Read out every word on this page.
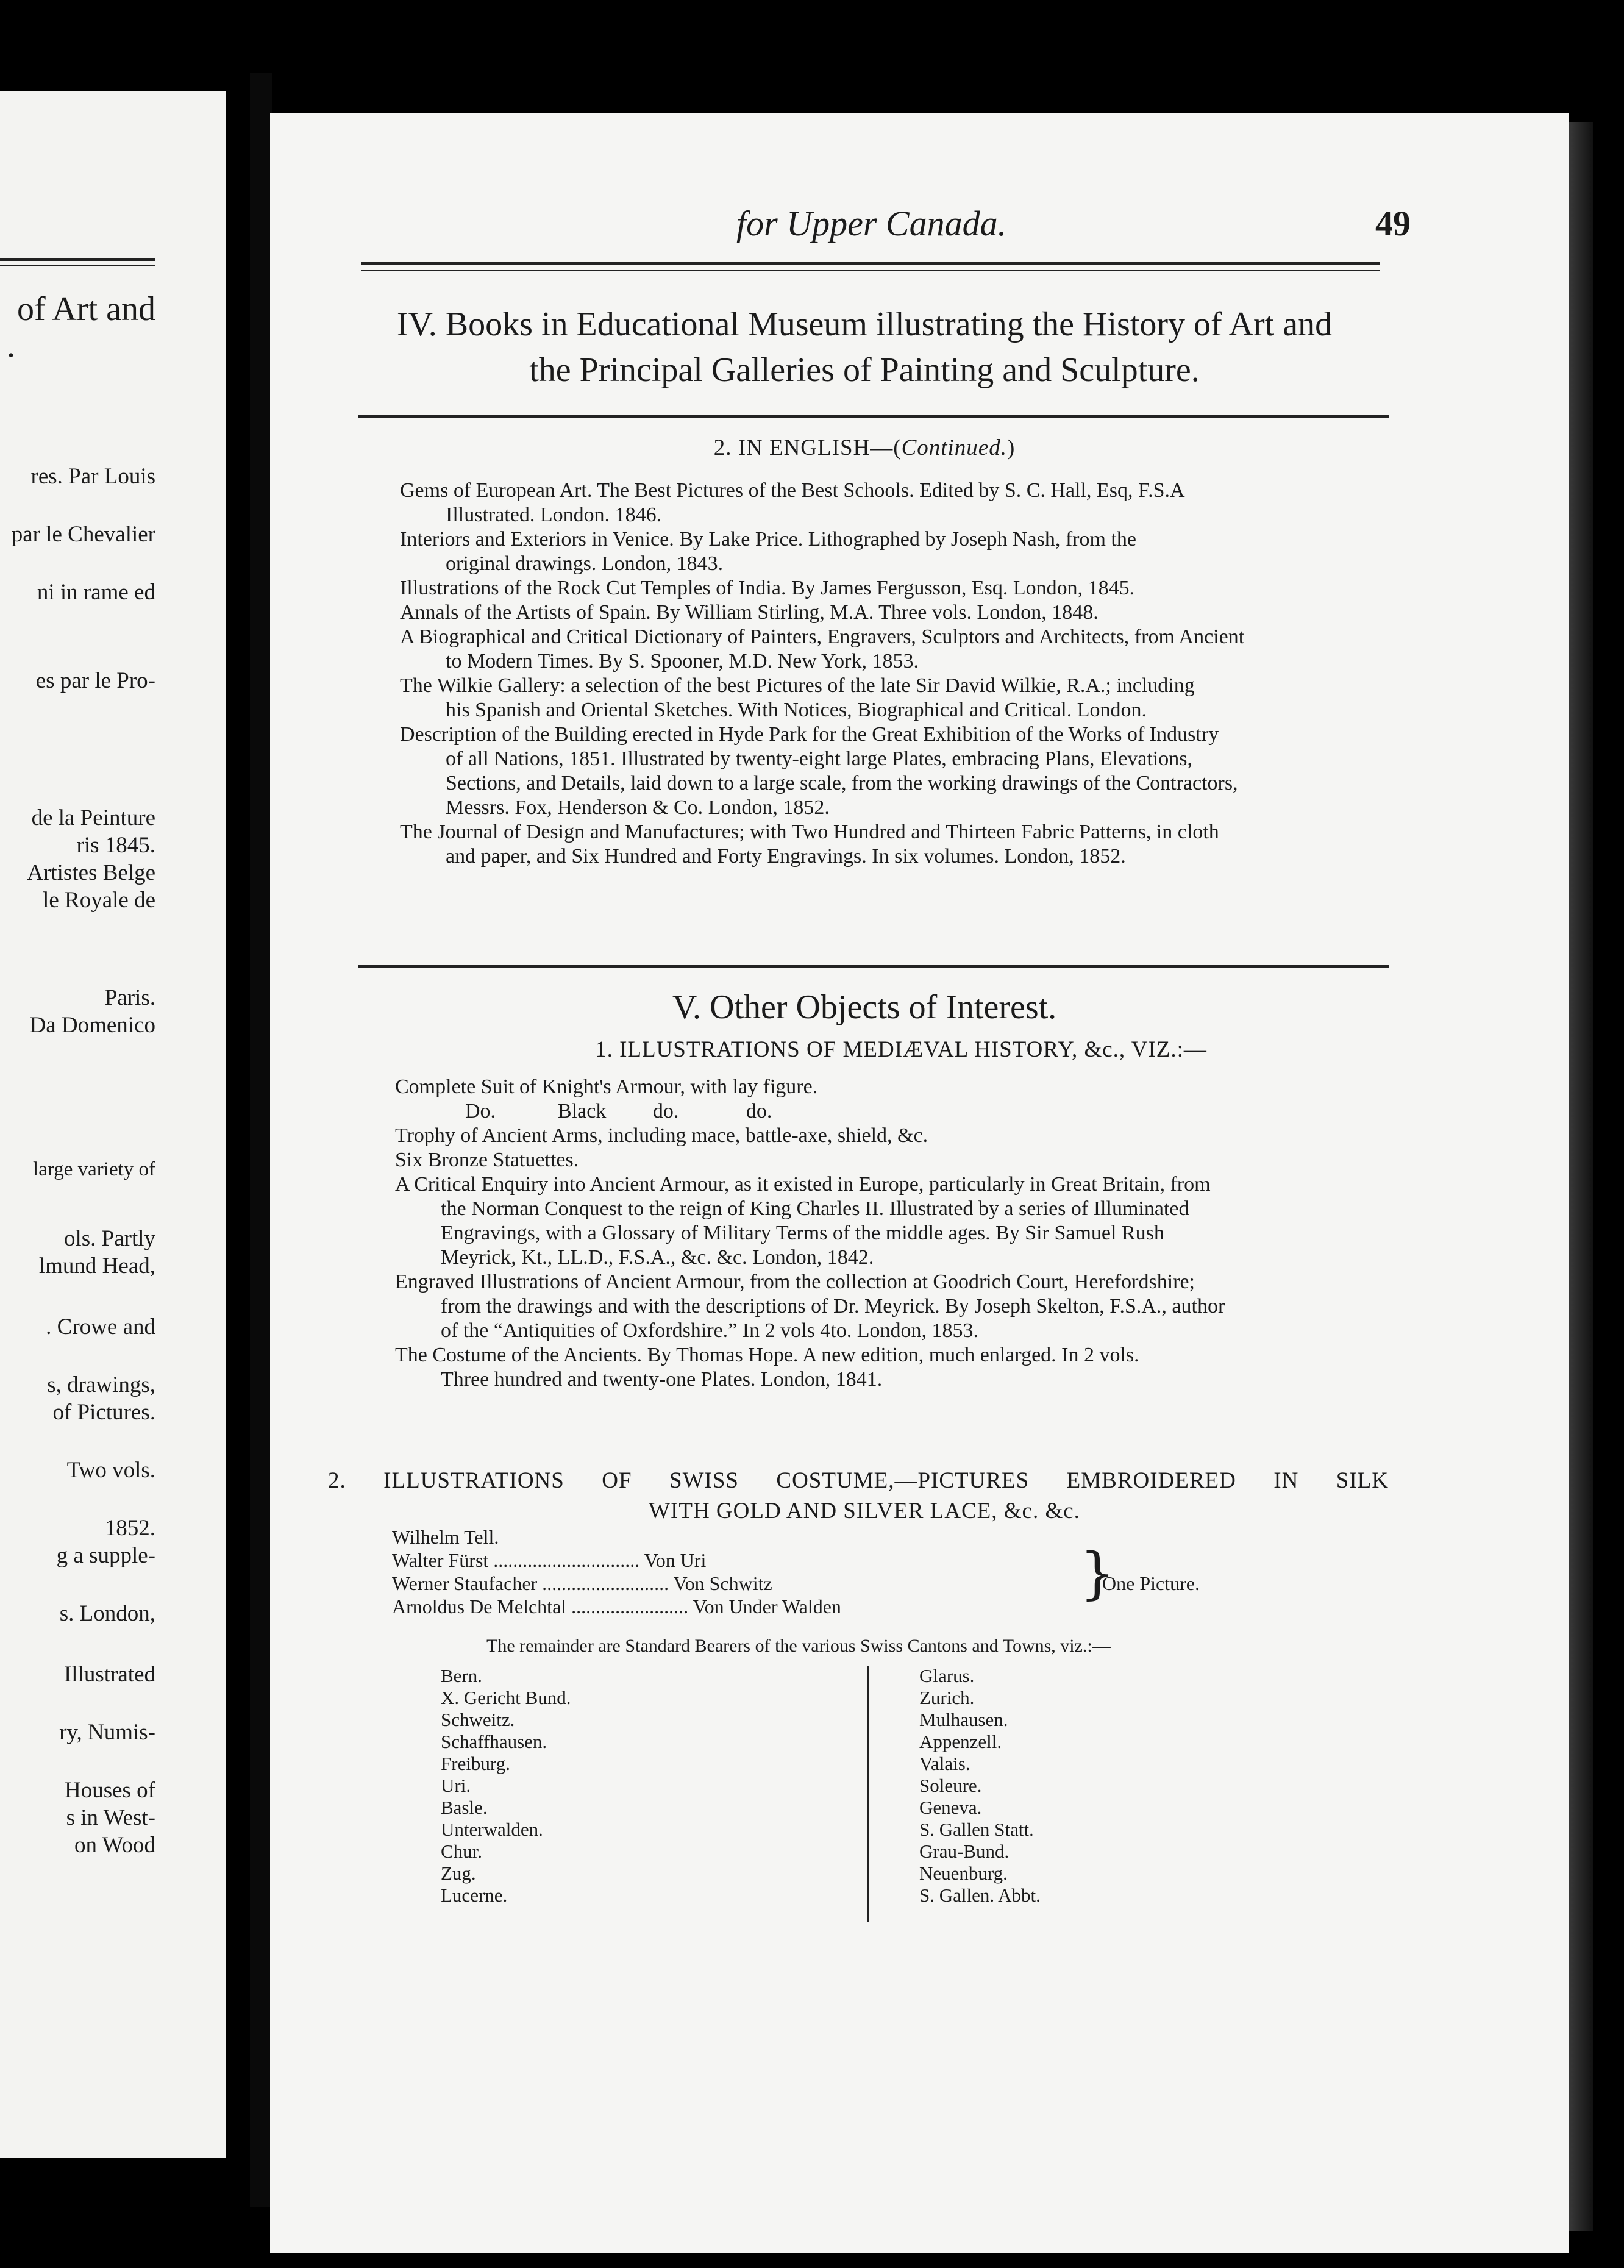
of Art and
.
res. Par Louis
par le Chevalier
ni in rame ed
es par le Pro-
de la Peinture
ris 1845.
Artistes Belge
le Royale de
Paris.
Da Domenico
large variety of
ols. Partly
lmund Head,
. Crowe and
s, drawings,
of Pictures.
Two vols.
1852.
g a supple-
s. London,
Illustrated
ry, Numis-
Houses of
s in West-
on Wood
for Upper Canada.	49
IV. Books in Educational Museum illustrating the History of Art and
the Principal Galleries of Painting and Sculpture.
2. IN ENGLISH—(Continued.)
Gems of European Art. The Best Pictures of the Best Schools. Edited by S. C. Hall, Esq, F.S.A
Illustrated. London. 1846.
Interiors and Exteriors in Venice. By Lake Price. Lithographed by Joseph Nash, from the
original drawings. London, 1843.
Illustrations of the Rock Cut Temples of India. By James Fergusson, Esq. London, 1845.
Annals of the Artists of Spain. By William Stirling, M.A. Three vols. London, 1848.
A Biographical and Critical Dictionary of Painters, Engravers, Sculptors and Architects, from Ancient
to Modern Times. By S. Spooner, M.D. New York, 1853.
The Wilkie Gallery: a selection of the best Pictures of the late Sir David Wilkie, R.A.; including
his Spanish and Oriental Sketches. With Notices, Biographical and Critical. London.
Description of the Building erected in Hyde Park for the Great Exhibition of the Works of Industry
of all Nations, 1851. Illustrated by twenty-eight large Plates, embracing Plans, Elevations,
Sections, and Details, laid down to a large scale, from the working drawings of the Contractors,
Messrs. Fox, Henderson & Co. London, 1852.
The Journal of Design and Manufactures; with Two Hundred and Thirteen Fabric Patterns, in cloth
and paper, and Six Hundred and Forty Engravings. In six volumes. London, 1852.
V. Other Objects of Interest.
1. ILLUSTRATIONS OF MEDIÆVAL HISTORY, &c., VIZ.:—
Complete Suit of Knight's Armour, with lay figure.
Do.            Black         do.             do.
Trophy of Ancient Arms, including mace, battle-axe, shield, &c.
Six Bronze Statuettes.
A Critical Enquiry into Ancient Armour, as it existed in Europe, particularly in Great Britain, from
the Norman Conquest to the reign of King Charles II. Illustrated by a series of Illuminated
Engravings, with a Glossary of Military Terms of the middle ages. By Sir Samuel Rush
Meyrick, Kt., LL.D., F.S.A., &c. &c. London, 1842.
Engraved Illustrations of Ancient Armour, from the collection at Goodrich Court, Herefordshire;
from the drawings and with the descriptions of Dr. Meyrick. By Joseph Skelton, F.S.A., author
of the “Antiquities of Oxfordshire.” In 2 vols 4to. London, 1853.
The Costume of the Ancients. By Thomas Hope. A new edition, much enlarged. In 2 vols.
Three hundred and twenty-one Plates. London, 1841.
2. ILLUSTRATIONS OF SWISS COSTUME,—PICTURES EMBROIDERED IN SILK
WITH GOLD AND SILVER LACE, &c. &c.
Wilhelm Tell.
Walter Fürst .............................. Von Uri
Werner Staufacher .......................... Von Schwitz
Arnoldus De Melchtal ........................ Von Under Walden
}
One Picture.
The remainder are Standard Bearers of the various Swiss Cantons and Towns, viz.:—
Bern.
X. Gericht Bund.
Schweitz.
Schaffhausen.
Freiburg.
Uri.
Basle.
Unterwalden.
Chur.
Zug.
Lucerne.
Glarus.
Zurich.
Mulhausen.
Appenzell.
Valais.
Soleure.
Geneva.
S. Gallen Statt.
Grau-Bund.
Neuenburg.
S. Gallen. Abbt.
